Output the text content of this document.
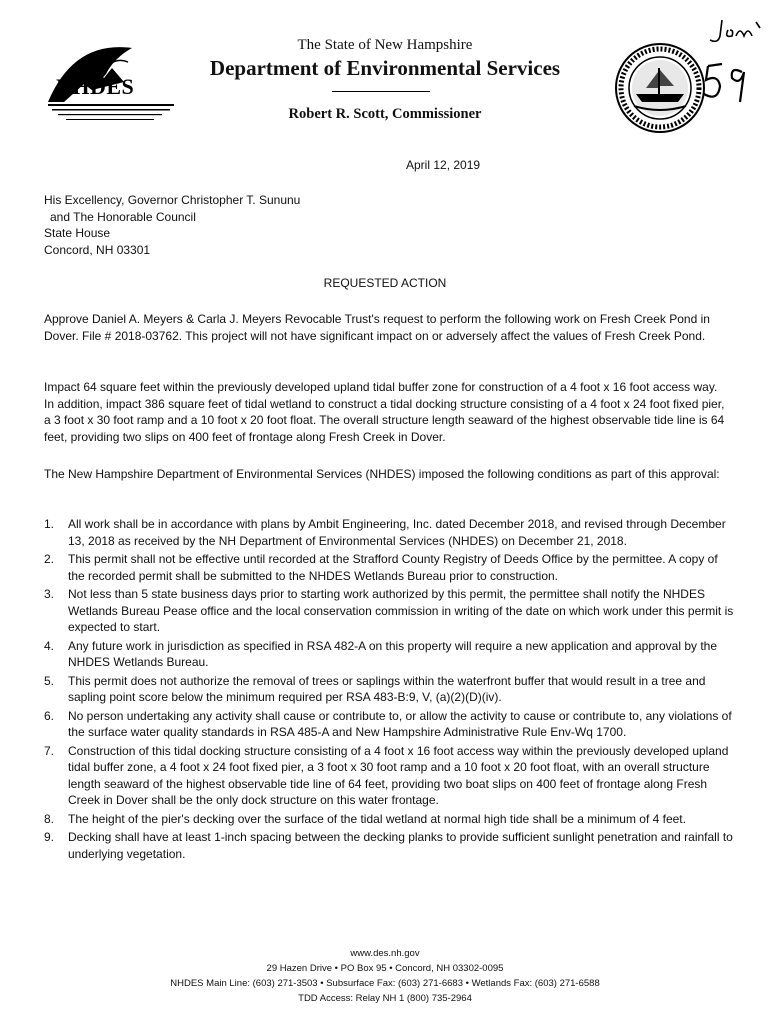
NHDES
The State of New Hampshire
Department of Environmental Services
Robert R. Scott, Commissioner
April 12, 2019
His Excellency, Governor Christopher T. Sununu
and The Honorable Council
State House
Concord, NH 03301
REQUESTED ACTION
Approve Daniel A. Meyers & Carla J. Meyers Revocable Trust's request to perform the following work on Fresh Creek Pond in Dover. File # 2018-03762. This project will not have significant impact on or adversely affect the values of Fresh Creek Pond.
Impact 64 square feet within the previously developed upland tidal buffer zone for construction of a 4 foot x 16 foot access way. In addition, impact 386 square feet of tidal wetland to construct a tidal docking structure consisting of a 4 foot x 24 foot fixed pier, a 3 foot x 30 foot ramp and a 10 foot x 20 foot float. The overall structure length seaward of the highest observable tide line is 64 feet, providing two slips on 400 feet of frontage along Fresh Creek in Dover.
The New Hampshire Department of Environmental Services (NHDES) imposed the following conditions as part of this approval:
1. All work shall be in accordance with plans by Ambit Engineering, Inc. dated December 2018, and revised through December 13, 2018 as received by the NH Department of Environmental Services (NHDES) on December 21, 2018.
2. This permit shall not be effective until recorded at the Strafford County Registry of Deeds Office by the permittee. A copy of the recorded permit shall be submitted to the NHDES Wetlands Bureau prior to construction.
3. Not less than 5 state business days prior to starting work authorized by this permit, the permittee shall notify the NHDES Wetlands Bureau Pease office and the local conservation commission in writing of the date on which work under this permit is expected to start.
4. Any future work in jurisdiction as specified in RSA 482-A on this property will require a new application and approval by the NHDES Wetlands Bureau.
5. This permit does not authorize the removal of trees or saplings within the waterfront buffer that would result in a tree and sapling point score below the minimum required per RSA 483-B:9, V, (a)(2)(D)(iv).
6. No person undertaking any activity shall cause or contribute to, or allow the activity to cause or contribute to, any violations of the surface water quality standards in RSA 485-A and New Hampshire Administrative Rule Env-Wq 1700.
7. Construction of this tidal docking structure consisting of a 4 foot x 16 foot access way within the previously developed upland tidal buffer zone, a 4 foot x 24 foot fixed pier, a 3 foot x 30 foot ramp and a 10 foot x 20 foot float, with an overall structure length seaward of the highest observable tide line of 64 feet, providing two boat slips on 400 feet of frontage along Fresh Creek in Dover shall be the only dock structure on this water frontage.
8. The height of the pier's decking over the surface of the tidal wetland at normal high tide shall be a minimum of 4 feet.
9. Decking shall have at least 1-inch spacing between the decking planks to provide sufficient sunlight penetration and rainfall to underlying vegetation.
www.des.nh.gov
29 Hazen Drive • PO Box 95 • Concord, NH 03302-0095
NHDES Main Line: (603) 271-3503 • Subsurface Fax: (603) 271-6683 • Wetlands Fax: (603) 271-6588
TDD Access: Relay NH 1 (800) 735-2964
